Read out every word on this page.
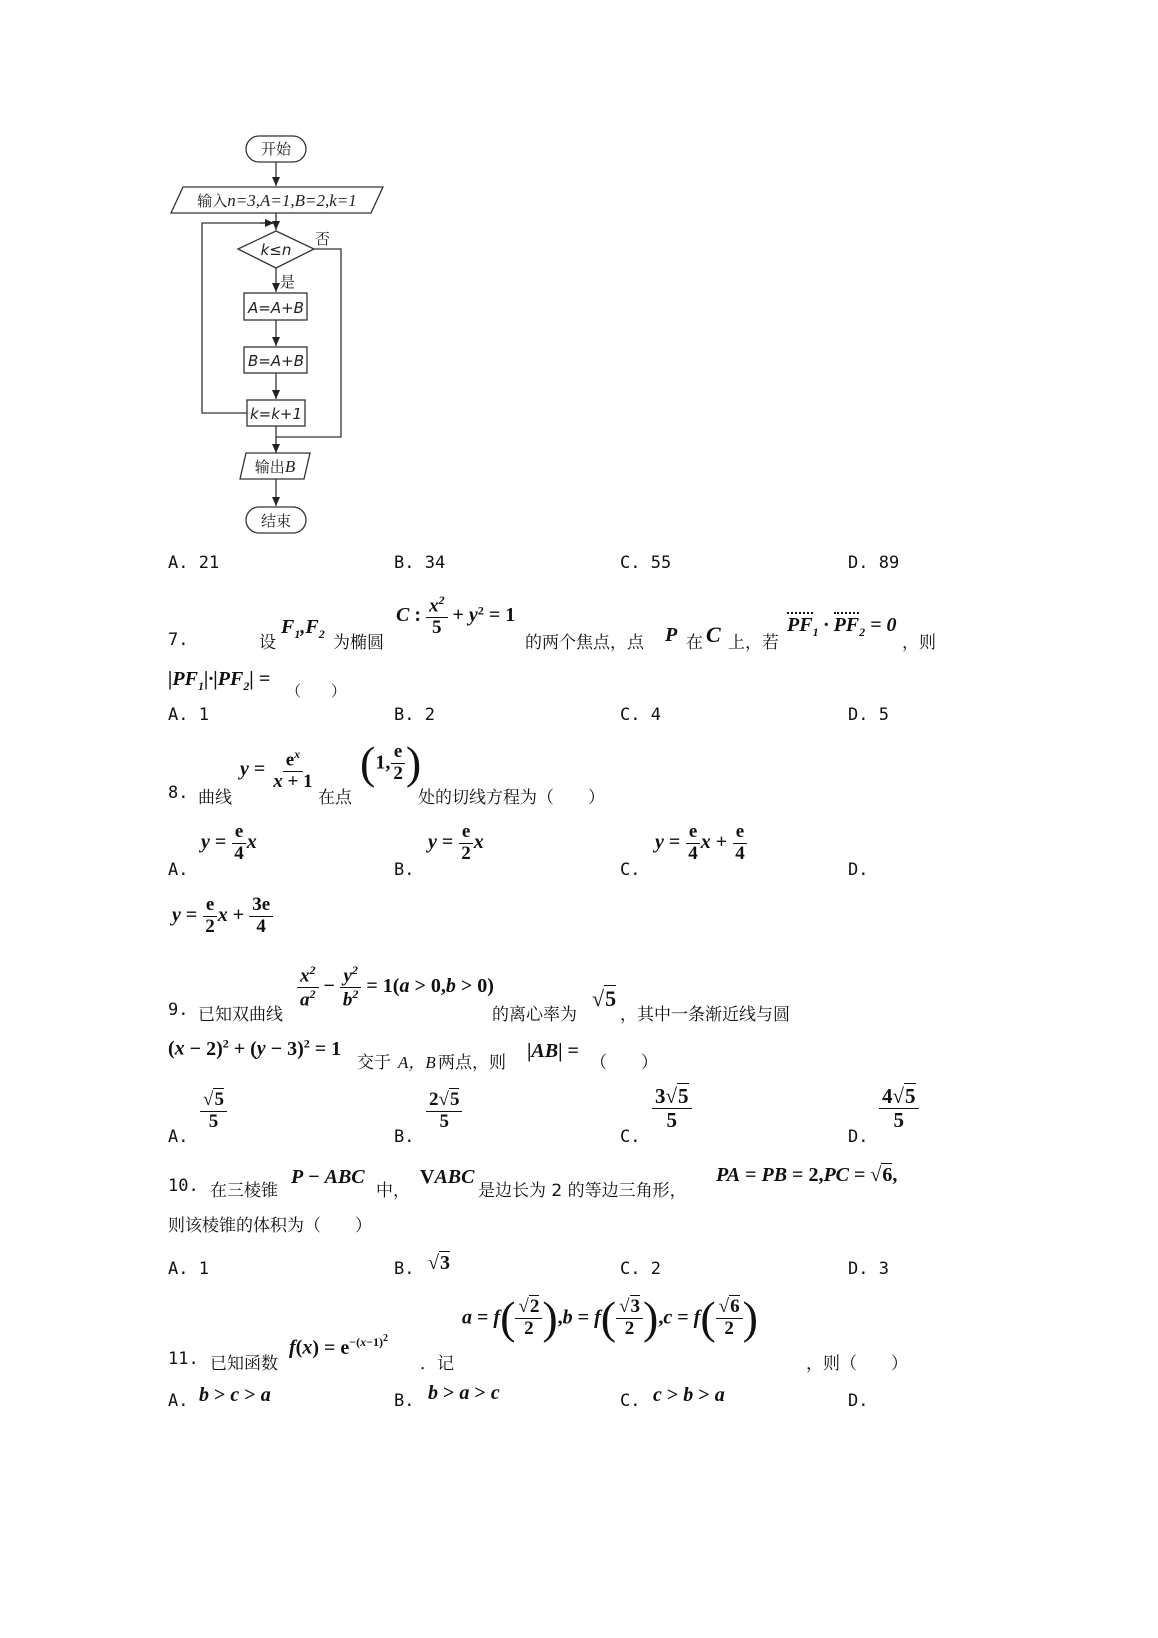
开始
输入n=3,A=1,B=2,k=1
k≤n
否
是
A=A+B
B=A+B
k=k+1
输出B
结束
A. 21	B. 34	C. 55	D. 89
7.	设
$F_1,F_2$ 为椭圆
C : $\frac{x^2}{5} + y^2 = 1$
的两个焦点，点 P 在 C 上，若
$PF_1 \cdot PF_2 = 0$
，则
$|PF_1|\cdot|PF_2|$ =
（　　）
A. 1	B. 2	C. 4	D. 5
8. 曲线
$y = \frac{e^x}{x + 1}$
在点
(1, $\frac{e}{2}$ )
处的切线方程为（　　）
A.
$y = \frac{e}{4}$ x
B.
$y = \frac{e}{2}$ x
C.
$y = \frac{e}{4}$ $x + \frac{e}{4}$
D.
$y = \frac{e}{2}$ $x + \frac{3e}{4}$
9. 已知双曲线
$\frac{x^2}{a^2} - \frac{y^2}{b^2} = 1(a > 0,b > 0)$
的离心率为
√5
，其中一条渐近线与圆
$(x - 2)^2 + (y - 3)^2 = 1$
交于 A，B 两点，则
|AB| =
（　　）
A.
$\frac{√5}{5}$
B.
$\frac{2√5}{5}$
C.
$\frac{3√5}{5}$
D.
$\frac{4√5}{5}$
10. 在三棱锥
P − ABC
中，
VABC
是边长为 2 的等边三角形，
PA = PB = 2,PC = √6,
则该棱锥的体积为（　　）
A. 1	B. √3	C. 2	D. 3
11. 已知函数
$f(x) = e^{-(x-1)^2}$
．记
$a = f( \frac{√2}{2} ),b = f( \frac{√3}{2} ),c = f( \frac{√6}{2}$ )
，则（　　）
A. b > c > a	B. b > a > c	C. c > b > a	D.
